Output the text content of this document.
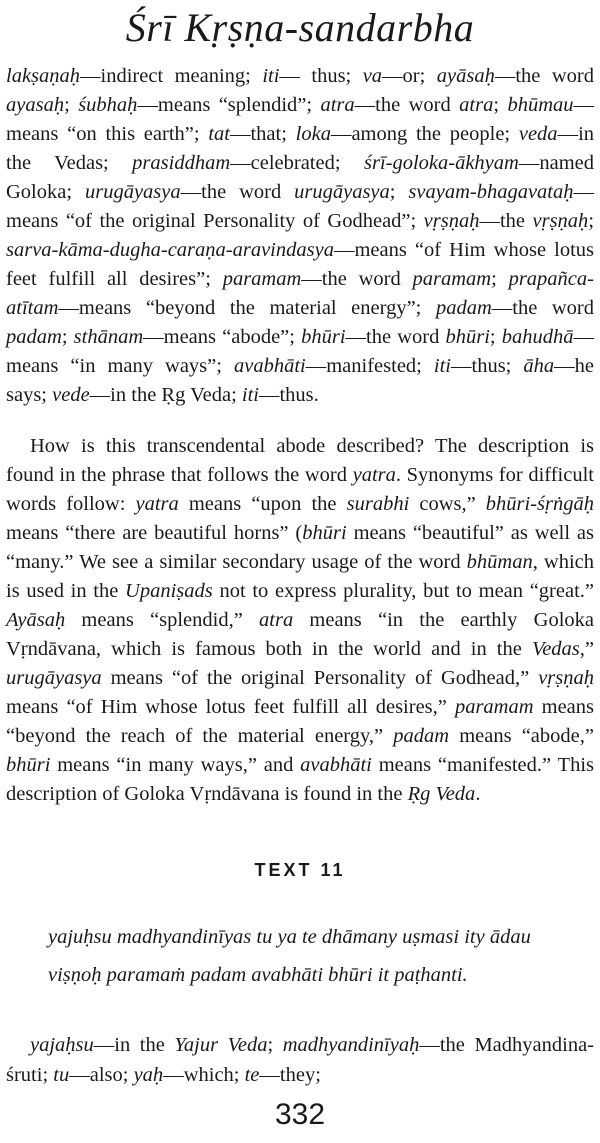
Śrī Kṛṣṇa-sandarbha

lakṣaṇaḥ—indirect meaning; iti— thus; va—or; ayāsaḥ—the word ayasaḥ; śubhaḥ—means “splendid”; atra—the word atra; bhūmau—means “on this earth”; tat—that; loka—among the people; veda—in the Vedas; prasiddham—celebrated; śrī-goloka-ākhyam—named Goloka; urugāyasya—the word urugāyasya; svayam-bhagavataḥ—means “of the original Personality of Godhead”; vṛṣṇaḥ—the vṛṣṇaḥ; sarva-kāma-dugha-caraṇa-aravindasya—means “of Him whose lotus feet fulfill all desires”; paramam—the word paramam; prapañca-atītam—means “beyond the material energy”; padam—the word padam; sthānam—means “abode”; bhūri—the word bhūri; bahudhā—means “in many ways”; avabhāti—manifested; iti—thus; āha—he says; vede—in the Ṛg Veda; iti—thus.

How is this transcendental abode described? The description is found in the phrase that follows the word yatra. Synonyms for difficult words follow: yatra means “upon the surabhi cows,” bhūri-śṛṅgāḥ means “there are beautiful horns” (bhūri means “beautiful” as well as “many.” We see a similar secondary usage of the word bhūman, which is used in the Upaniṣads not to express plurality, but to mean “great.” Ayāsaḥ means “splendid,” atra means “in the earthly Goloka Vṛndāvana, which is famous both in the world and in the Vedas,” urugāyasya means “of the original Personality of Godhead,” vṛṣṇaḥ means “of Him whose lotus feet fulfill all desires,” paramam means “beyond the reach of the material energy,” padam means “abode,” bhūri means “in many ways,” and avabhāti means “manifested.” This description of Goloka Vṛndāvana is found in the Ṛg Veda.

TEXT 11
yajuḥsu madhyandinīyas tu ya te dhāmany uṣmasi ity ādau
viṣṇoḥ paramaṁ padam avabhāti bhūri it paṭhanti.

yajaḥsu—in the Yajur Veda; madhyandinīyaḥ—the Madhyandina-śruti; tu—also; yaḥ—which; te—they;

332
